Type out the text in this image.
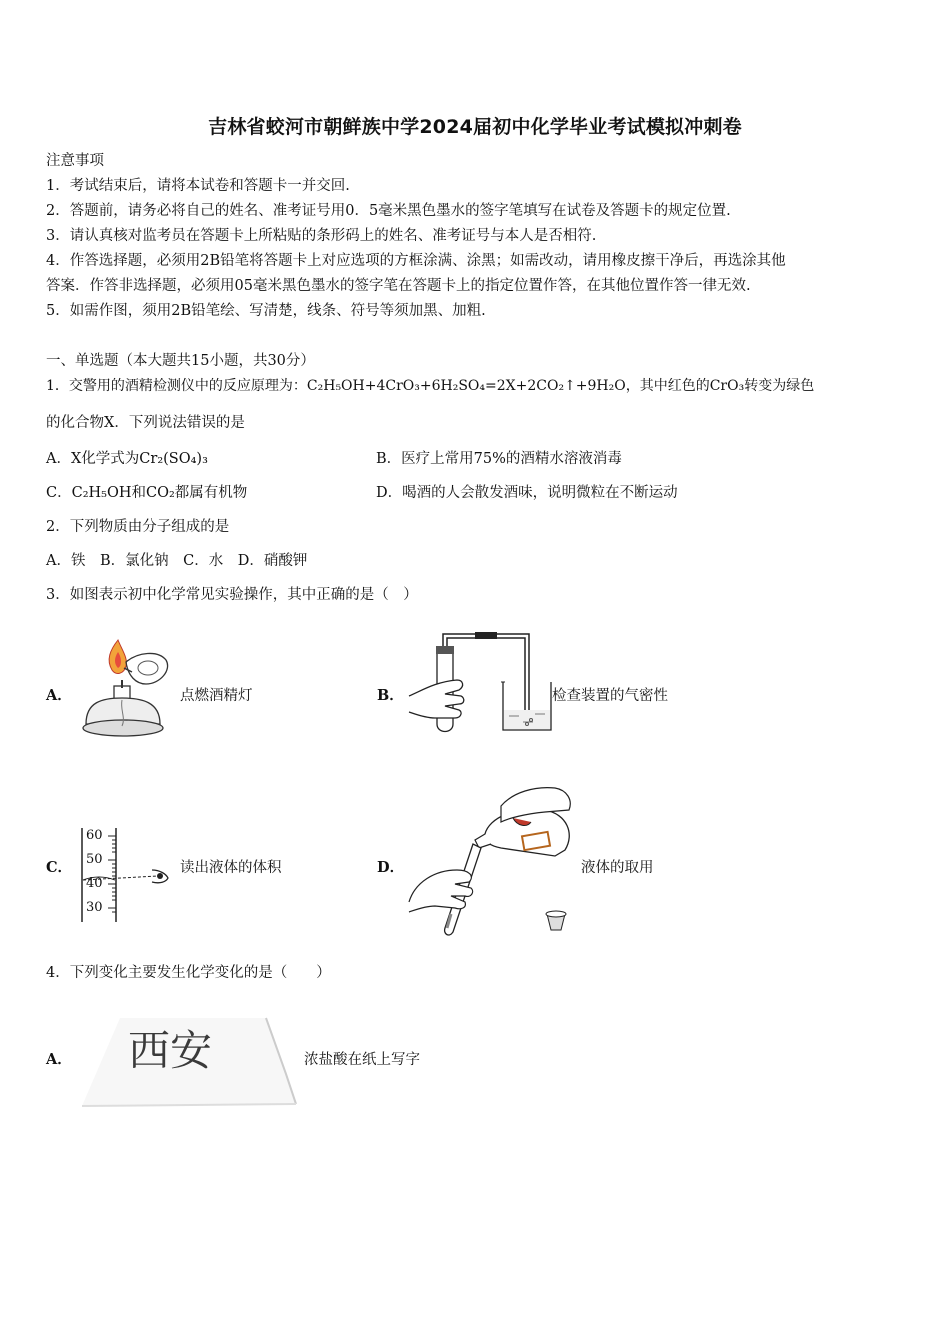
吉林省蛟河市朝鲜族中学2024届初中化学毕业考试模拟冲刺卷
注意事项
1．考试结束后，请将本试卷和答题卡一并交回.
2．答题前，请务必将自己的姓名、准考证号用0．5毫米黑色墨水的签字笔填写在试卷及答题卡的规定位置.
3．请认真核对监考员在答题卡上所粘贴的条形码上的姓名、准考证号与本人是否相符.
4．作答选择题，必须用2B铅笔将答题卡上对应选项的方框涂满、涂黑；如需改动，请用橡皮擦干净后，再选涂其他
答案．作答非选择题，必须用05毫米黑色墨水的签字笔在答题卡上的指定位置作答，在其他位置作答一律无效.
5．如需作图，须用2B铅笔绘、写清楚，线条、符号等须加黑、加粗.
一、单选题（本大题共15小题，共30分）
1．交警用的酒精检测仪中的反应原理为：C₂H₅OH+4CrO₃+6H₂SO₄=2X+2CO₂↑+9H₂O，其中红色的CrO₃转变为绿色
的化合物X．下列说法错误的是
A．X化学式为Cr₂(SO₄)₃	B．医疗上常用75%的酒精水溶液消毒
C．C₂H₅OH和CO₂都属有机物	D．喝酒的人会散发酒味，说明微粒在不断运动
2．下列物质由分子组成的是
A．铁　B．氯化钠　C．水　D．硝酸钾
3．如图表示初中化学常见实验操作，其中正确的是（　）
A．	点燃酒精灯	B．	检查装置的气密性
C．
60
50
40
30
读出液体的体积	D．	液体的取用
4．下列变化主要发生化学变化的是（　　）
A． 西安	浓盐酸在纸上写字
